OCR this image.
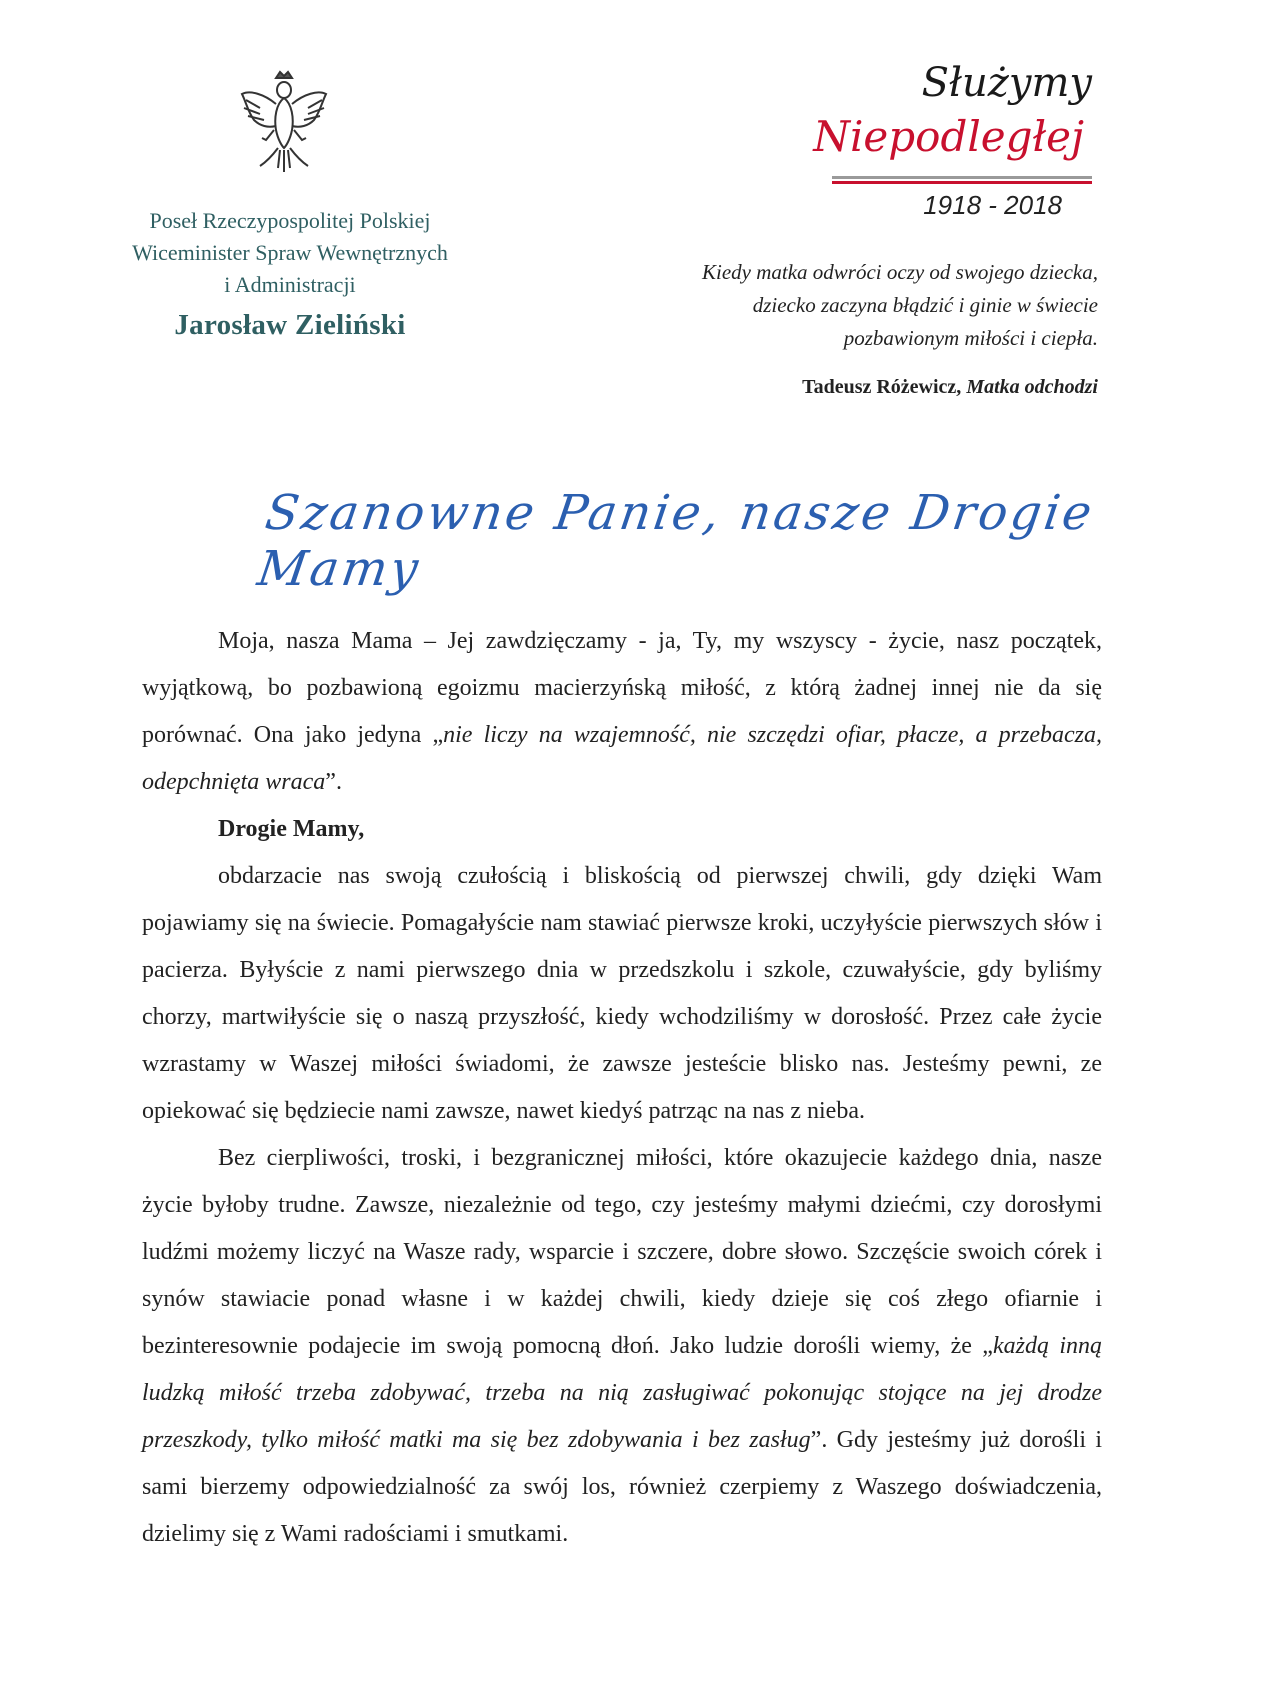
Poseł Rzeczypospolitej Polskiej
Wiceminister Spraw Wewnętrznych
i Administracji
Jarosław Zieliński
Służymy
Niepodległej
1918 - 2018
Kiedy matka odwróci oczy od swojego dziecka,
dziecko zaczyna błądzić i ginie w świecie
pozbawionym miłości i ciepła.
Tadeusz Różewicz, Matka odchodzi
Szanowne Panie, nasze Drogie Mamy

Moja, nasza Mama – Jej zawdzięczamy - ja, Ty, my wszyscy - życie, nasz początek, wyjątkową, bo pozbawioną egoizmu macierzyńską miłość, z którą żadnej innej nie da się porównać. Ona jako jedyna „nie liczy na wzajemność, nie szczędzi ofiar, płacze, a przebacza, odepchnięta wraca”.

Drogie Mamy,

obdarzacie nas swoją czułością i bliskością od pierwszej chwili, gdy dzięki Wam pojawiamy się na świecie. Pomagałyście nam stawiać pierwsze kroki, uczyłyście pierwszych słów i pacierza. Byłyście z nami pierwszego dnia w przedszkolu i szkole, czuwałyście, gdy byliśmy chorzy, martwiłyście się o naszą przyszłość, kiedy wchodziliśmy w dorosłość. Przez całe życie wzrastamy w Waszej miłości świadomi, że zawsze jesteście blisko nas. Jesteśmy pewni, ze opiekować się będziecie nami zawsze, nawet kiedyś patrząc na nas z nieba.

Bez cierpliwości, troski, i bezgranicznej miłości, które okazujecie każdego dnia, nasze życie byłoby trudne. Zawsze, niezależnie od tego, czy jesteśmy małymi dziećmi, czy dorosłymi ludźmi możemy liczyć na Wasze rady, wsparcie i szczere, dobre słowo. Szczęście swoich córek i synów stawiacie ponad własne i w każdej chwili, kiedy dzieje się coś złego ofiarnie i bezinteresownie podajecie im swoją pomocną dłoń. Jako ludzie dorośli wiemy, że „każdą inną ludzką miłość trzeba zdobywać, trzeba na nią zasługiwać pokonując stojące na jej drodze przeszkody, tylko miłość matki ma się bez zdobywania i bez zasług”. Gdy jesteśmy już dorośli i sami bierzemy odpowiedzialność za swój los, również czerpiemy z Waszego doświadczenia, dzielimy się z Wami radościami i smutkami.
